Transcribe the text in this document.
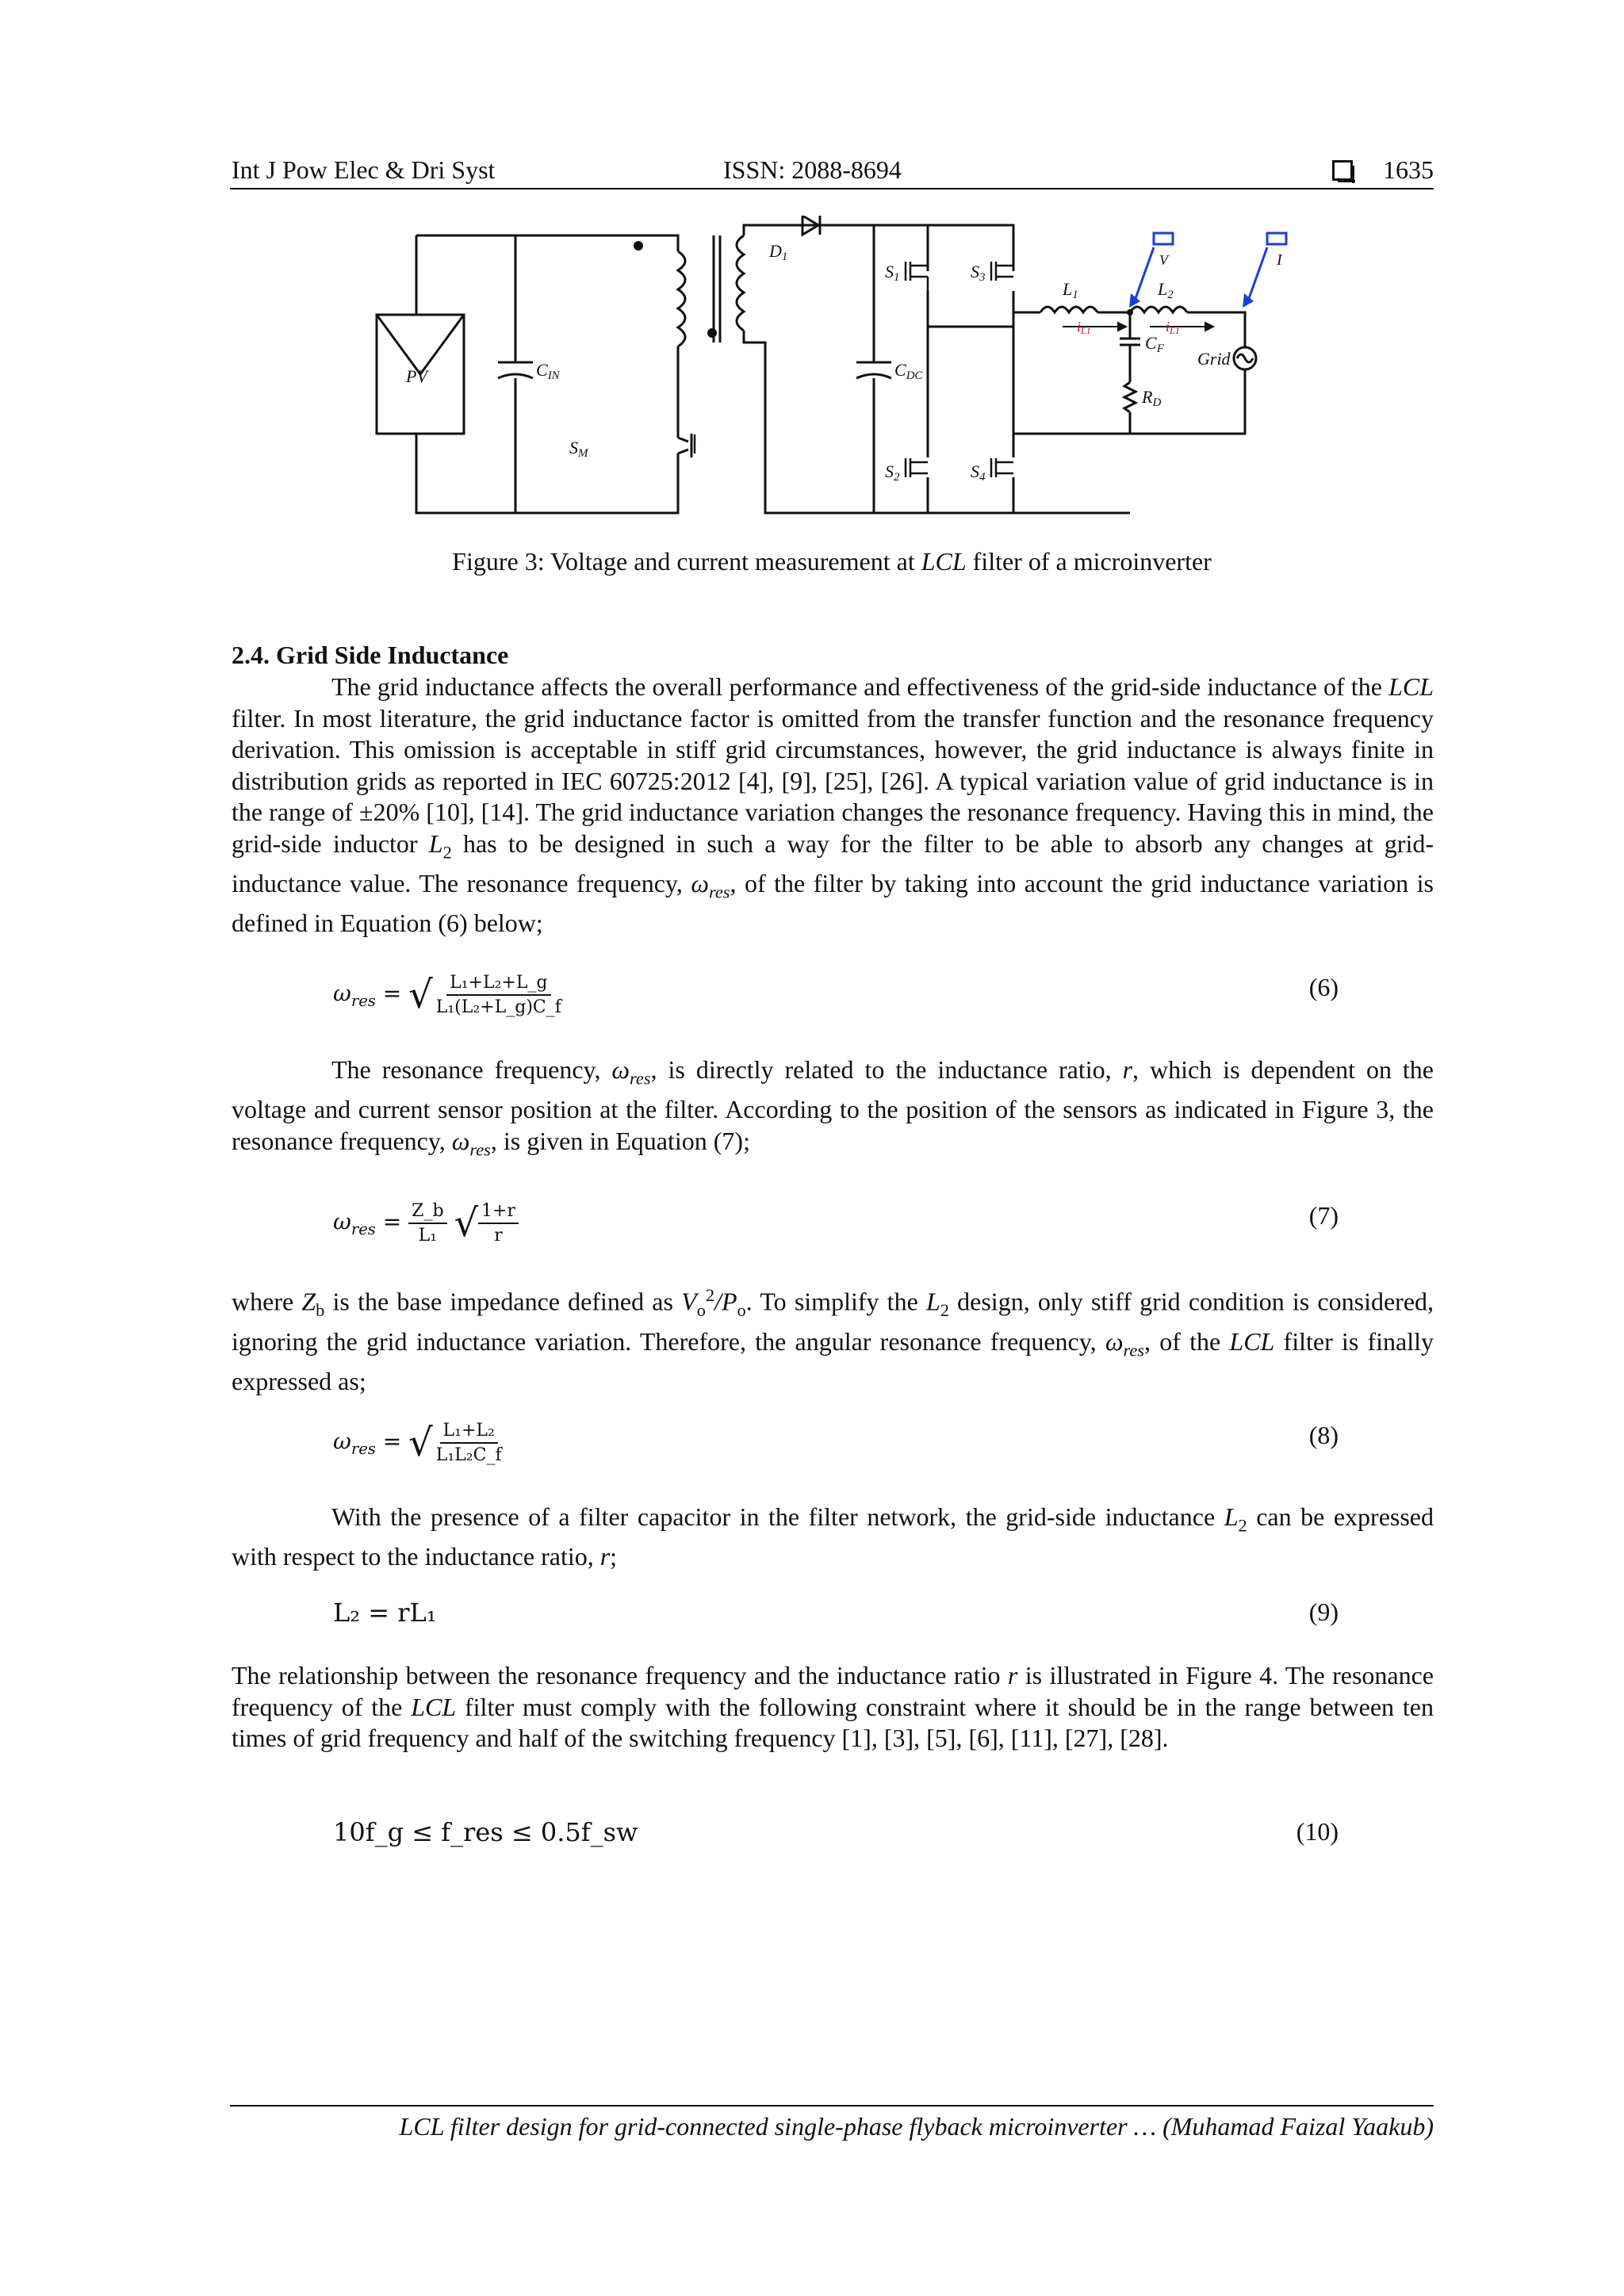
Int J Pow Elec & Dri Syst	ISSN: 2088-8694	1635
PV	CIN
SM
D1
CDC
S1	S3
S2	S4
L1	L2
iL1	iL1
CF
RD
Grid
V	I
Figure 3: Voltage and current measurement at LCL filter of a microinverter
2.4. Grid Side Inductance
The grid inductance affects the overall performance and effectiveness of the grid-side inductance of the LCL filter. In most literature, the grid inductance factor is omitted from the transfer function and the resonance frequency derivation. This omission is acceptable in stiff grid circumstances, however, the grid inductance is always finite in distribution grids as reported in IEC 60725:2012 [4], [9], [25], [26]. A typical variation value of grid inductance is in the range of ±20% [10], [14]. The grid inductance variation changes the resonance frequency. Having this in mind, the grid-side inductor $L_2$ has to be designed in such a way for the filter to be able to absorb any changes at grid-inductance value. The resonance frequency, $\omega_{res}$, of the filter by taking into account the grid inductance variation is defined in Equation (6) below;
$\omega_{res}$ = √ $\frac{\text{L₁+L₂+L\_g}}{\text{L₁(L₂+L\_g)C\_f}}$	(6)
The resonance frequency, $\omega_{res}$, is directly related to the inductance ratio, r, which is dependent on the voltage and current sensor position at the filter. According to the position of the sensors as indicated in Figure 3, the resonance frequency, $\omega_{res}$, is given in Equation (7);
$\omega_{res} = \frac{Z\_b}{\text{L₁}}$ √ $\frac{1+r}{r}$	(7)
where $Z_b$ is the base impedance defined as $V_o^2/P_o$. To simplify the $L_2$ design, only stiff grid condition is considered, ignoring the grid inductance variation. Therefore, the angular resonance frequency, $\omega_{res}$, of the LCL filter is finally expressed as;
$\omega_{res}$ = √ $\frac{\text{L₁+L₂}}{\text{L₁L₂C\_f}}$	(8)
With the presence of a filter capacitor in the filter network, the grid-side inductance $L_2$ can be expressed with respect to the inductance ratio, r;
L₂ = rL₁	(9)
The relationship between the resonance frequency and the inductance ratio r is illustrated in Figure 4. The resonance frequency of the LCL filter must comply with the following constraint where it should be in the range between ten times of grid frequency and half of the switching frequency [1], [3], [5], [6], [11], [27], [28].
10f_g ≤ f_res ≤ 0.5f_sw	(10)
LCL filter design for grid-connected single-phase flyback microinverter … (Muhamad Faizal Yaakub)
